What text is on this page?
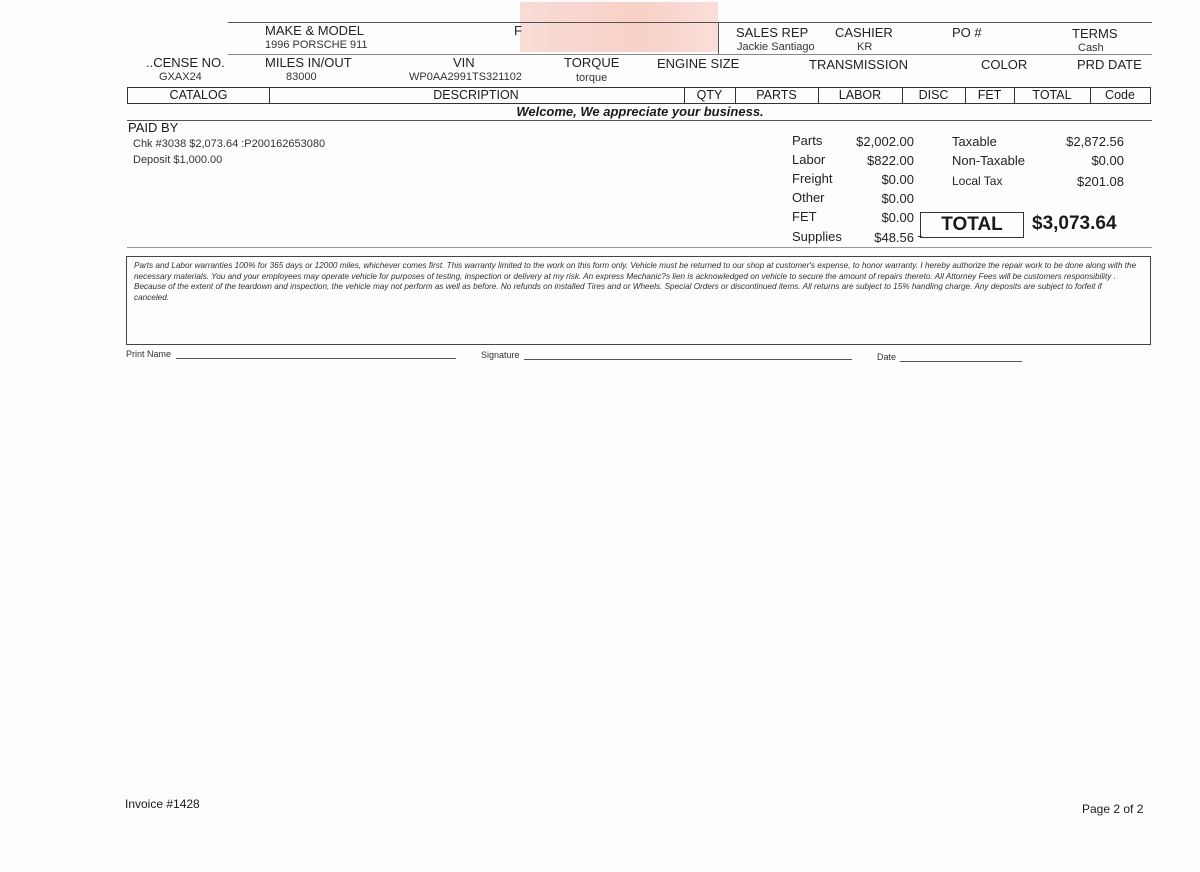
MAKE & MODEL
1996 PORSCHE 911
F	SALES REP
Jackie Santiago
CASHIER
KR
PO #	TERMS
Cash
..CENSE NO.
GXAX24
MILES IN/OUT
83000
VIN
WP0AA2991TS321102
TORQUE
torque
ENGINE SIZE	TRANSMISSION	COLOR	PRD DATE
CATALOG	DESCRIPTION	QTY	PARTS	LABOR	DISC	FET	TOTAL	Code
Welcome, We appreciate your business.
PAID BY
Chk #3038 $2,073.64 :P200162653080
Deposit $1,000.00
Parts	$2,002.00
Labor	$822.00
Freight	$0.00
Other	$0.00
FET	$0.00
Supplies	$48.56
Taxable	$2,872.56
Non-Taxable	$0.00
Local Tax	$201.08
TOTAL	$3,073.64
Parts and Labor warranties 100% for 365 days or 12000 miles, whichever comes first. This warranty limited to the work on this form only. Vehicle must be returned to our shop at customer's expense, to honor warranty. I hereby authorize the repair work to be done along with the necessary materials. You and your employees may operate vehicle for purposes of testing, inspection or delivery at my risk. An express Mechanic?s lien is acknowledged on vehicle to secure the amount of repairs thereto. All Attorney Fees will be customers responsibility . Because of the extent of the teardown and inspection, the vehicle may not perform as well as before. No refunds on installed Tires and or Wheels. Special Orders or discontinued items. All returns are subject to 15% handling charge. Any deposits are subject to forfeit if canceled.
Print Name	Signature	Date
Invoice #1428	Page 2 of 2
